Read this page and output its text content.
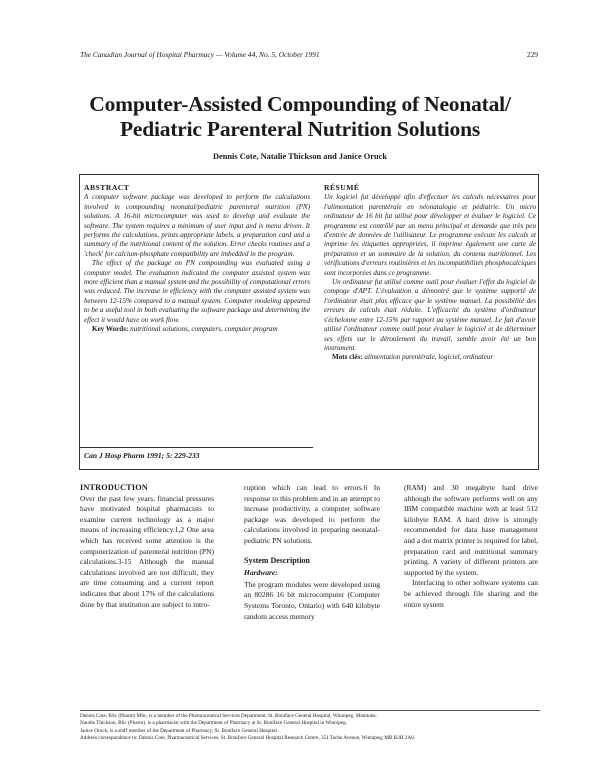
The Canadian Journal of Hospital Pharmacy — Volume 44, No. 5, October 1991	229
Computer-Assisted Compounding of Neonatal/ Pediatric Parenteral Nutrition Solutions
Dennis Cote, Natalie Thickson and Janice Oruck
ABSTRACT

A computer software package was developed to perform the calculations involved in compounding neonatal/pediatric parenteral nutrition (PN) solutions. A 16-bit microcomputer was used to develop and evaluate the software. The system requires a minimum of user input and is menu driven. It performs the calculations, prints appropriate labels, a preparation card and a summary of the nutritional content of the solution. Error checks routines and a 'check' for calcium-phosphate compatibility are imbedded in the program.

The effect of the package on PN compounding was evaluated using a computer model. The evaluation indicated the computer assisted system was more efficient than a manual system and the possibility of computational errors was reduced. The increase in efficiency with the computer assisted system was between 12-15% compared to a manual system. Computer modeling appeared to be a useful tool in both evaluating the software package and determining the effect it would have on work flow.

Key Words: nutritional solutions, computers, computer program

RÉSUMÉ

Un logiciel fut développé afin d'effectuer les calculs nécessaires pour l'alimentation parentérale en néonatalogie et pédiatrie. Un micro ordinateur de 16 bit fut utilisé pour développer et évaluer le logiciel. Ce programme est contrôlé par un menu principal et demande que très peu d'entrée de données de l'utilisateur. Le programme exécute les calculs et imprime les étiquettes appropriées, il imprime également une carte de préparation et un sommaire de la solution, du contenu nutritionnel. Les vérifications d'erreurs routinières et les incompatibilités phosphocalciques sont incorporées dans ce programme.

Un ordinateur fut utilisé comme outil pour évaluer l'effet du logiciel de compoge d'APT. L'évaluation a démontré que le système supporté de l'ordinateur était plus efficace que le système manuel. La possibilité des erreurs de calculs était réduite. L'efficacité du système d'ordinateur s'échelonne entre 12-15% par rapport au système manuel. Le fait d'avoir utilisé l'ordinateur comme outil pour évaluer le logiciel et de déterminer ses effets sur le déroulement du travail, semble avoir été un bon instrument.

Mots clés: alimentation parentérale, logiciel, ordinateur

Can J Hosp Pharm 1991; 5: 229-233
INTRODUCTION

Over the past few years, financial pressures have motivated hospital pharmacists to examine current technology as a major means of increasing efficiency.1,2 One area which has received some attention is the computerization of parenteral nutrition (PN) calculations.3-15 Although the manual calculations involved are not difficult, they are time consuming and a current report indicates that about 17% of the calculations done by that institution are subject to intro-

ruption which can lead to errors.6 In response to this problem and in an attempt to increase productivity, a computer software package was developed to perform the calculations involved in preparing neonatal-pediatric PN solutions.

System Description
Hardware:

The program modules were developed using an 80286 16 bit microcomputer (Computer Systems Toronto, Ontario) with 640 kilobyte random access memory

(RAM) and 30 megabyte hard drive although the software performs well on any IBM compatible machine with at least 512 kilobyte RAM. A hard drive is strongly recommended for data base management and a dot matrix printer is required for label, preparation card and nutritional summary printing. A variety of different printers are supported by the system.

Interfacing to other software systems can be achieved through file sharing and the entire system

Dennis Cote, BSc (Pharm) MSc, is a member of the Pharmaceutical Services Department, St. Boniface General Hospital, Winnipeg, Manitoba.

Natalie Thickson, BSc (Pharm), is a pharmacist with the Department of Pharmacy at St. Boniface General Hospital in Winnipeg.

Janice Oruck, is a staff member of the Department of Pharmacy, St. Boniface General Hospital.

Address correspondence to: Dennis Cote, Pharmaceutical Services, St. Boniface General Hospital Research Centre, 351 Tache Avenue, Winnipeg, MB R2H 2A6.
